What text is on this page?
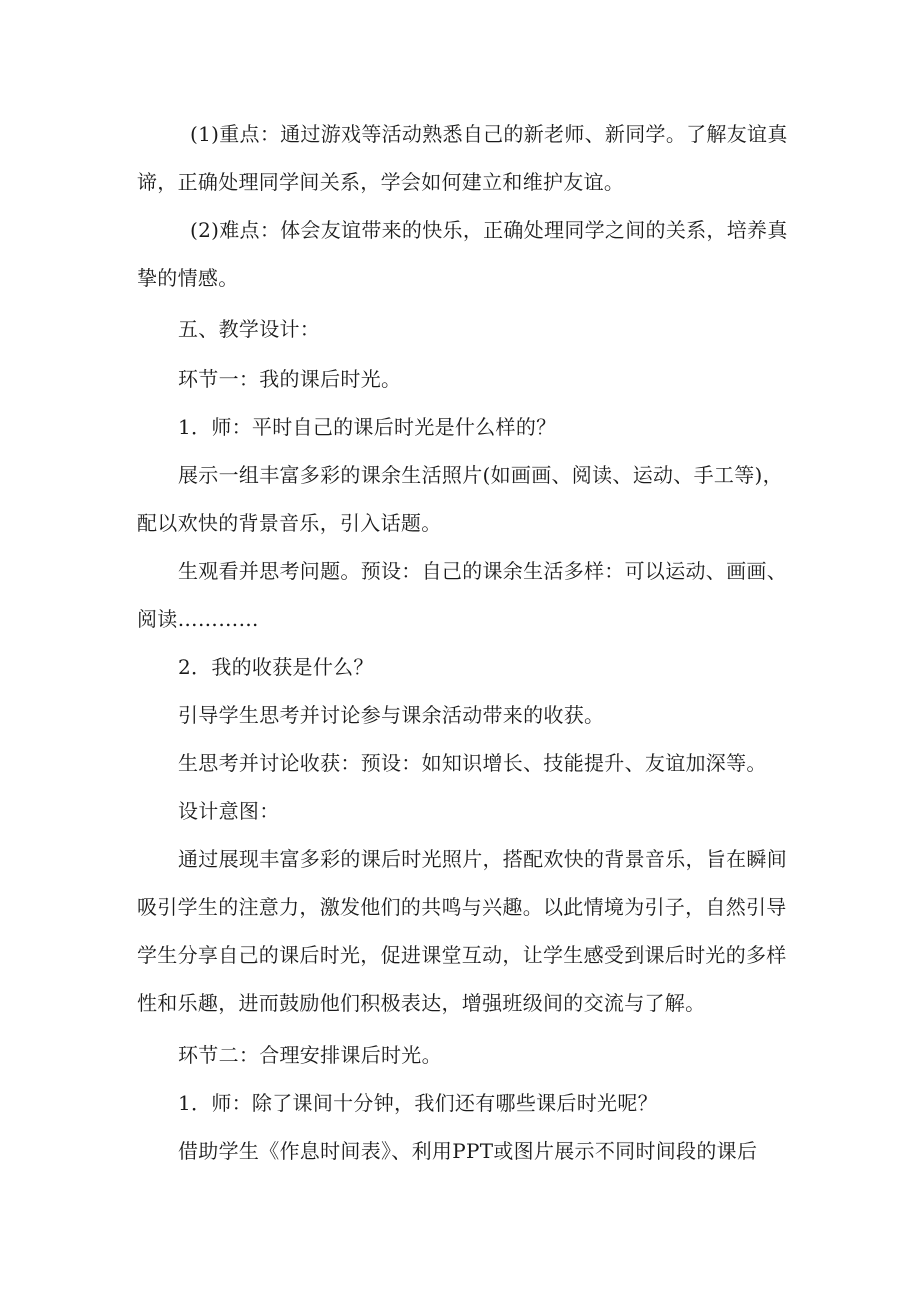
(1)重点：通过游戏等活动熟悉自己的新老师、新同学。了解友谊真
谛，正确处理同学间关系，学会如何建立和维护友谊。
(2)难点：体会友谊带来的快乐，正确处理同学之间的关系，培养真
挚的情感。
五、教学设计：
环节一：我的课后时光。
1．师：平时自己的课后时光是什么样的？
展示一组丰富多彩的课余生活照片(如画画、阅读、运动、手工等)，
配以欢快的背景音乐，引入话题。
生观看并思考问题。预设：自己的课余生活多样：可以运动、画画、
阅读…………
2．我的收获是什么？
引导学生思考并讨论参与课余活动带来的收获。
生思考并讨论收获：预设：如知识增长、技能提升、友谊加深等。
设计意图：
通过展现丰富多彩的课后时光照片，搭配欢快的背景音乐，旨在瞬间
吸引学生的注意力，激发他们的共鸣与兴趣。以此情境为引子，自然引导
学生分享自己的课后时光，促进课堂互动，让学生感受到课后时光的多样
性和乐趣，进而鼓励他们积极表达，增强班级间的交流与了解。
环节二：合理安排课后时光。
1．师：除了课间十分钟，我们还有哪些课后时光呢？
借助学生《作息时间表》、利用PPT或图片展示不同时间段的课后
